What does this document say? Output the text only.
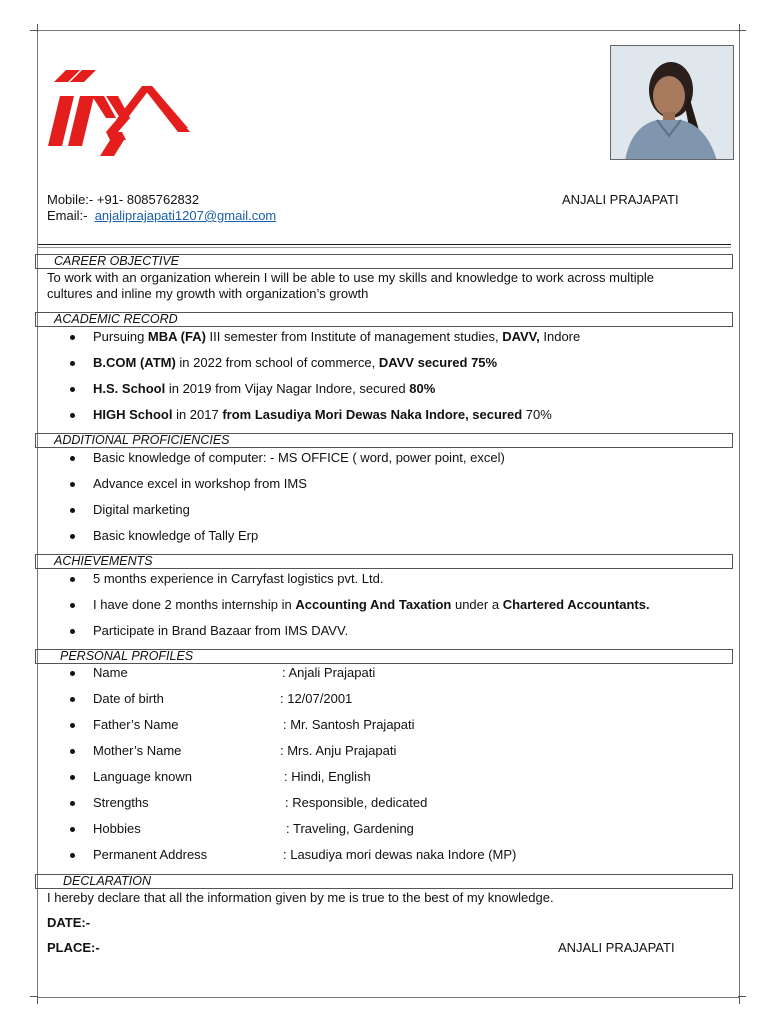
Mobile:- +91- 8085762832
Email:- anjaliprajapati1207@gmail.com
ANJALI PRAJAPATI
CAREER OBJECTIVE
To work with an organization wherein I will be able to use my skills and knowledge to work across multiple
cultures and inline my growth with organization’s growth
ACADEMIC RECORD
Pursuing MBA (FA) III semester from Institute of management studies, DAVV, Indore
B.COM (ATM) in 2022 from school of commerce, DAVV secured 75%
H.S. School in 2019 from Vijay Nagar Indore, secured 80%
HIGH School in 2017 from Lasudiya Mori Dewas Naka Indore, secured 70%
ADDITIONAL PROFICIENCIES
Basic knowledge of computer: - MS OFFICE ( word, power point, excel)
Advance excel in workshop from IMS
Digital marketing
Basic knowledge of Tally Erp
ACHIEVEMENTS
5 months experience in Carryfast logistics pvt. Ltd.
I have done 2 months internship in Accounting And Taxation under a Chartered Accountants.
Participate in Brand Bazaar from IMS DAVV.
PERSONAL PROFILES
Name	: Anjali Prajapati
Date of birth	: 12/07/2001
Father’s Name	: Mr. Santosh Prajapati
Mother’s Name	: Mrs. Anju Prajapati
Language known	: Hindi, English
Strengths	: Responsible, dedicated
Hobbies	: Traveling, Gardening
Permanent Address	: Lasudiya mori dewas naka Indore (MP)
DECLARATION
I hereby declare that all the information given by me is true to the best of my knowledge.
DATE:-
PLACE:-	ANJALI PRAJAPATI
